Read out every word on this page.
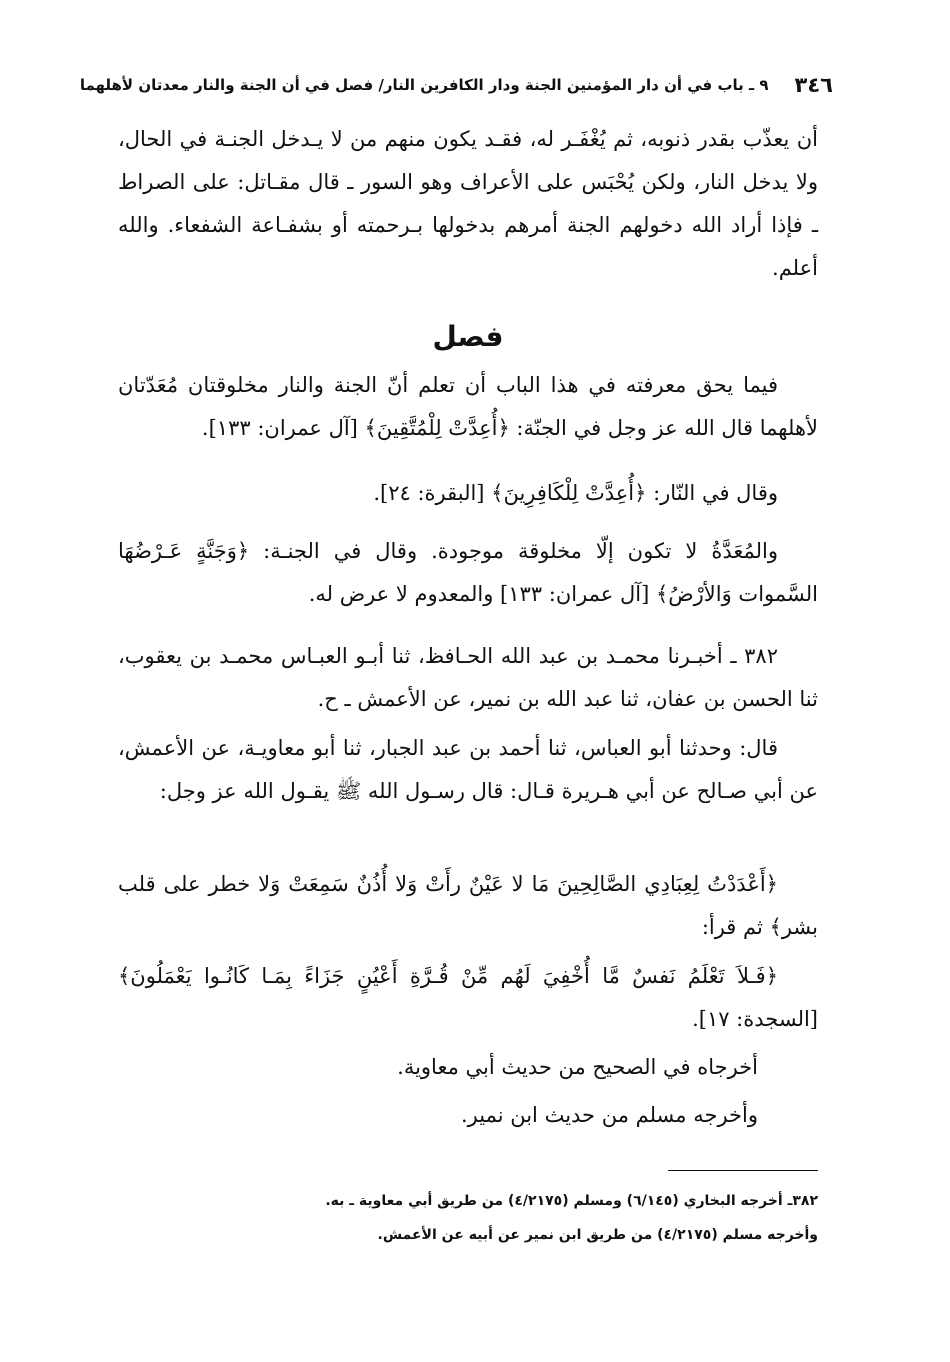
٣٤٦
٩ ـ باب في أن دار المؤمنين الجنة ودار الكافرين النار/ فصل في أن الجنة والنار معدتان لأهلهما

أن يعذّب بقدر ذنوبه، ثم يُغْفَـر له، فقـد يكون منهم من لا يـدخل الجنـة في الحال، ولا يدخل النار، ولكن يُحْبَس على الأعراف وهو السور ـ قال مقـاتل: على الصراط ـ فإذا أراد الله دخولهم الجنة أمرهم بدخولها بـرحمته أو بشفـاعة الشفعاء. والله أعلم.

فصل

فيما يحق معرفته في هذا الباب أن تعلم أنّ الجنة والنار مخلوقتان مُعَدّتان لأهلهما قال الله عز وجل في الجنّة: ﴿أُعِدَّتْ لِلْمُتَّقِينَ﴾ [آل عمران: ١٣٣].

وقال في النّار: ﴿أُعِدَّتْ لِلْكَافِرِينَ﴾ [البقرة: ٢٤].

والمُعَدَّةُ لا تكون إلّا مخلوقة موجودة. وقال في الجنـة: ﴿وَجَنَّةٍ عَـرْضُهَا السَّموات وَالأرْضُ﴾ [آل عمران: ١٣٣] والمعدوم لا عرض له.

٣٨٢ ـ أخبـرنا محمـد بن عبد الله الحـافظ، ثنا أبـو العبـاس محمـد بن يعقوب، ثنا الحسن بن عفان، ثنا عبد الله بن نمير، عن الأعمش ـ ح.

قال: وحدثنا أبو العباس، ثنا أحمد بن عبد الجبار، ثنا أبو معاويـة، عن الأعمش، عن أبي صـالح عن أبي هـريرة قـال: قال رسـول الله ﷺ يقـول الله عز وجل:

﴿أَعْدَدْتُ لِعِبَادِي الصَّالِحِينَ مَا لا عَيْنٌ رأَتْ وَلا أُذُنٌ سَمِعَتْ وَلا خطر على قلب بشر﴾ ثم قرأ:

﴿فَـلاَ تَعْلَمُ نَفسٌ مَّا أُخْفِيَ لَهُم مِّنْ قُـرَّةِ أَعْيُنٍ جَزَاءً بِمَـا كَانُـوا يَعْمَلُونَ﴾ [السجدة: ١٧].

أخرجاه في الصحيح من حديث أبي معاوية.
وأخرجه مسلم من حديث ابن نمير.
٣٨٢ـ أخرجه البخاري (٦/١٤٥) ومسلم (٤/٢١٧٥) من طريق أبي معاوية ـ به.
وأخرجه مسلم (٤/٢١٧٥) من طريق ابن نمير عن أبيه عن الأعمش.
